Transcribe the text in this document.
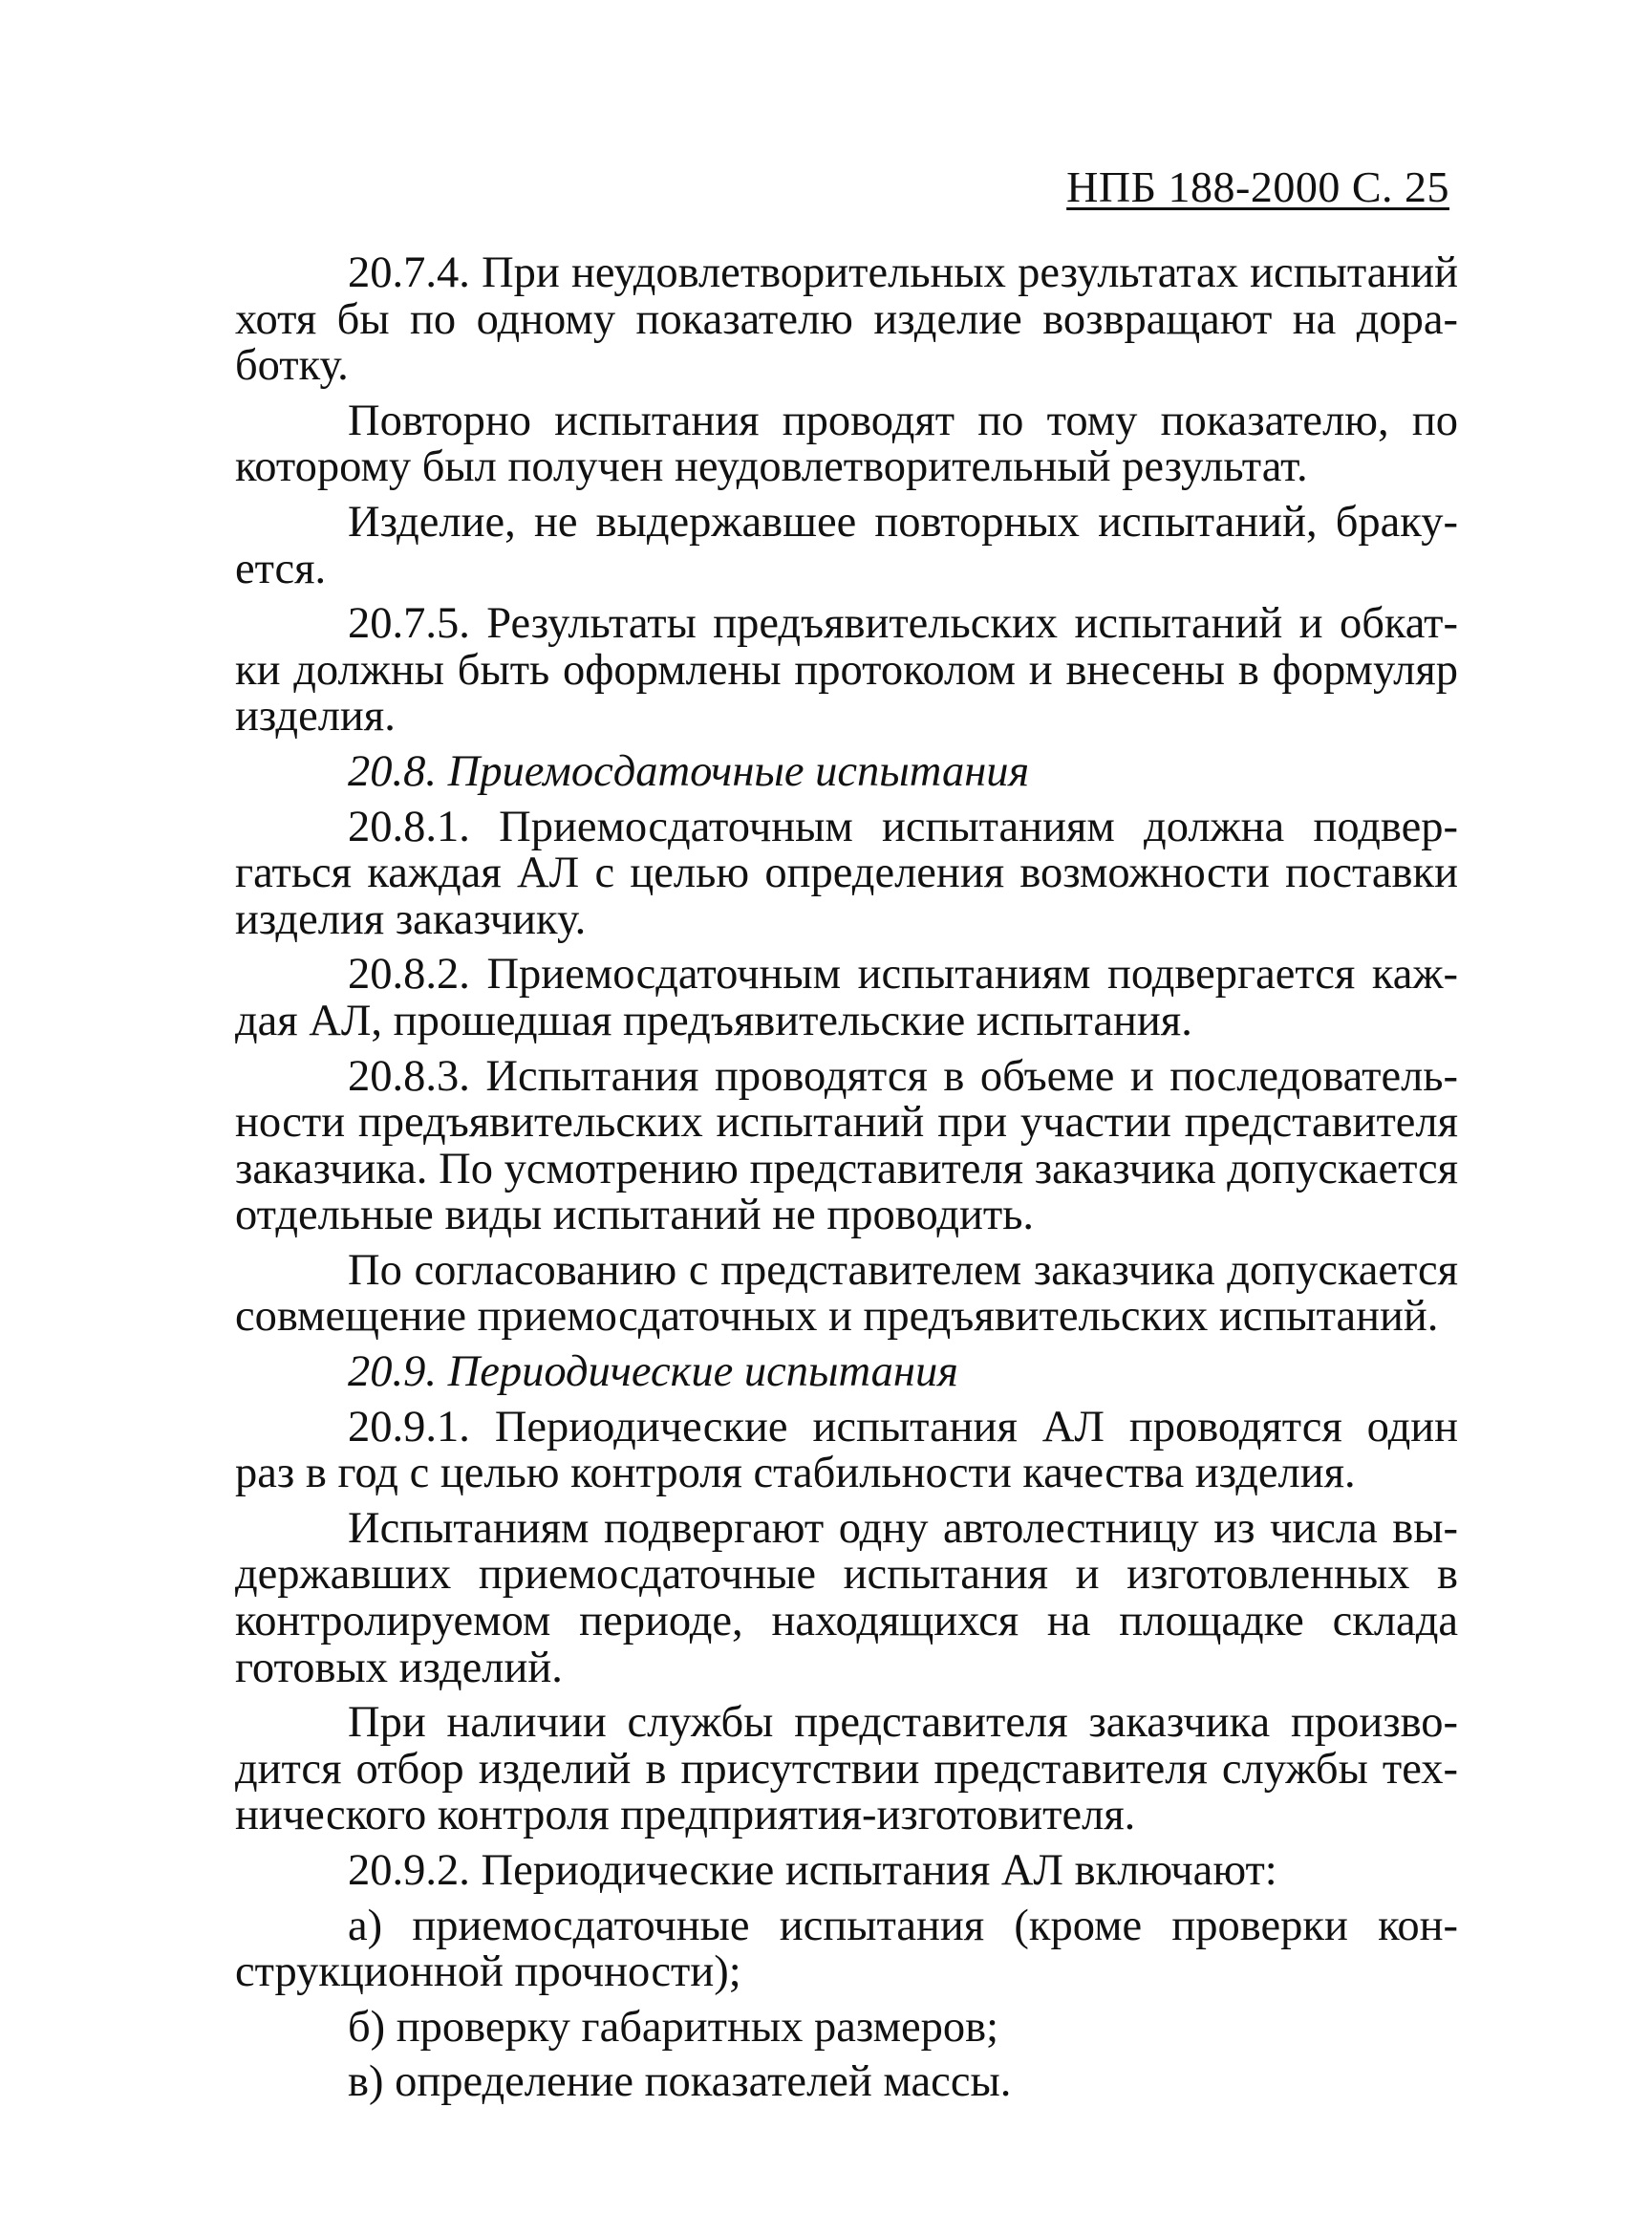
НПБ 188-2000 С. 25

20.7.4. При неудовлетворительных результатах испытаний хотя бы по одному показателю изделие возвращают на доработку.

Повторно испытания проводят по тому показателю, по которому был получен неудовлетворительный результат.

Изделие, не выдержавшее повторных испытаний, бракуется.

20.7.5. Результаты предъявительских испытаний и обкатки должны быть оформлены протоколом и внесены в формуляр изделия.

20.8. Приемосдаточные испытания

20.8.1. Приемосдаточным испытаниям должна подвергаться каждая АЛ с целью определения возможности поставки изделия заказчику.

20.8.2. Приемосдаточным испытаниям подвергается каждая АЛ, прошедшая предъявительские испытания.

20.8.3. Испытания проводятся в объеме и последовательности предъявительских испытаний при участии представителя заказчика. По усмотрению представителя заказчика допускается отдельные виды испытаний не проводить.

По согласованию с представителем заказчика допускается совмещение приемосдаточных и предъявительских испытаний.

20.9. Периодические испытания

20.9.1. Периодические испытания АЛ проводятся один раз в год с целью контроля стабильности качества изделия.

Испытаниям подвергают одну автолестницу из числа выдержавших приемосдаточные испытания и изготовленных в контролируемом периоде, находящихся на площадке склада готовых изделий.

При наличии службы представителя заказчика производится отбор изделий в присутствии представителя службы технического контроля предприятия-изготовителя.

20.9.2. Периодические испытания АЛ включают:

а) приемосдаточные испытания (кроме проверки конструкционной прочности);

б) проверку габаритных размеров;

в) определение показателей массы.
